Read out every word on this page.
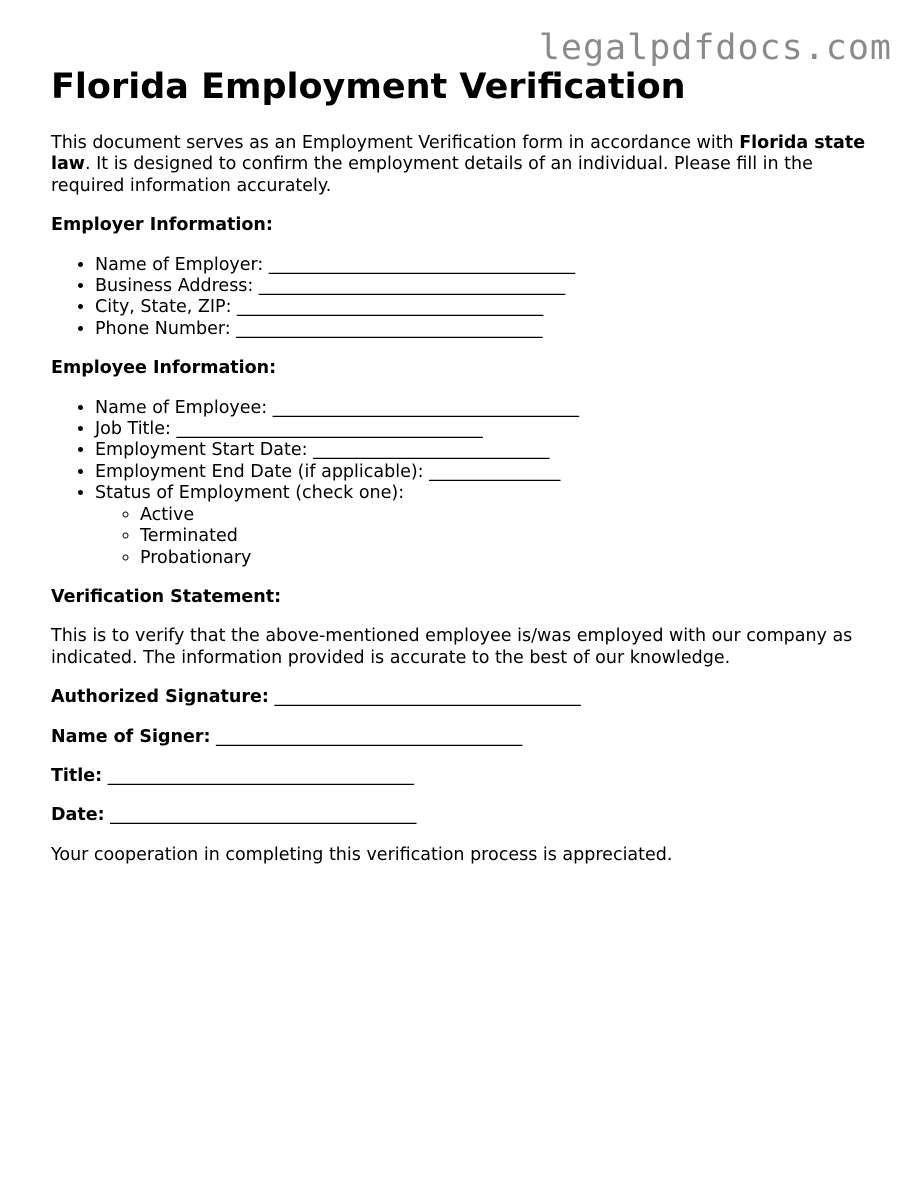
legalpdfdocs.com
Florida Employment Verification

This document serves as an Employment Verification form in accordance with Florida state law. It is designed to confirm the employment details of an individual. Please fill in the required information accurately.

Employer Information:
• Name of Employer: ___________________________________
• Business Address: ___________________________________
• City, State, ZIP: ___________________________________
• Phone Number: ___________________________________
Employee Information:
• Name of Employee: ___________________________________
• Job Title: ___________________________________
• Employment Start Date: ___________________________
• Employment End Date (if applicable): _______________
• Status of Employment (check one):
◦ Active
◦ Terminated
◦ Probationary
Verification Statement:

This is to verify that the above-mentioned employee is/was employed with our company as indicated. The information provided is accurate to the best of our knowledge.

Authorized Signature: ___________________________________
Name of Signer: ___________________________________
Title: ___________________________________
Date: ___________________________________

Your cooperation in completing this verification process is appreciated.
